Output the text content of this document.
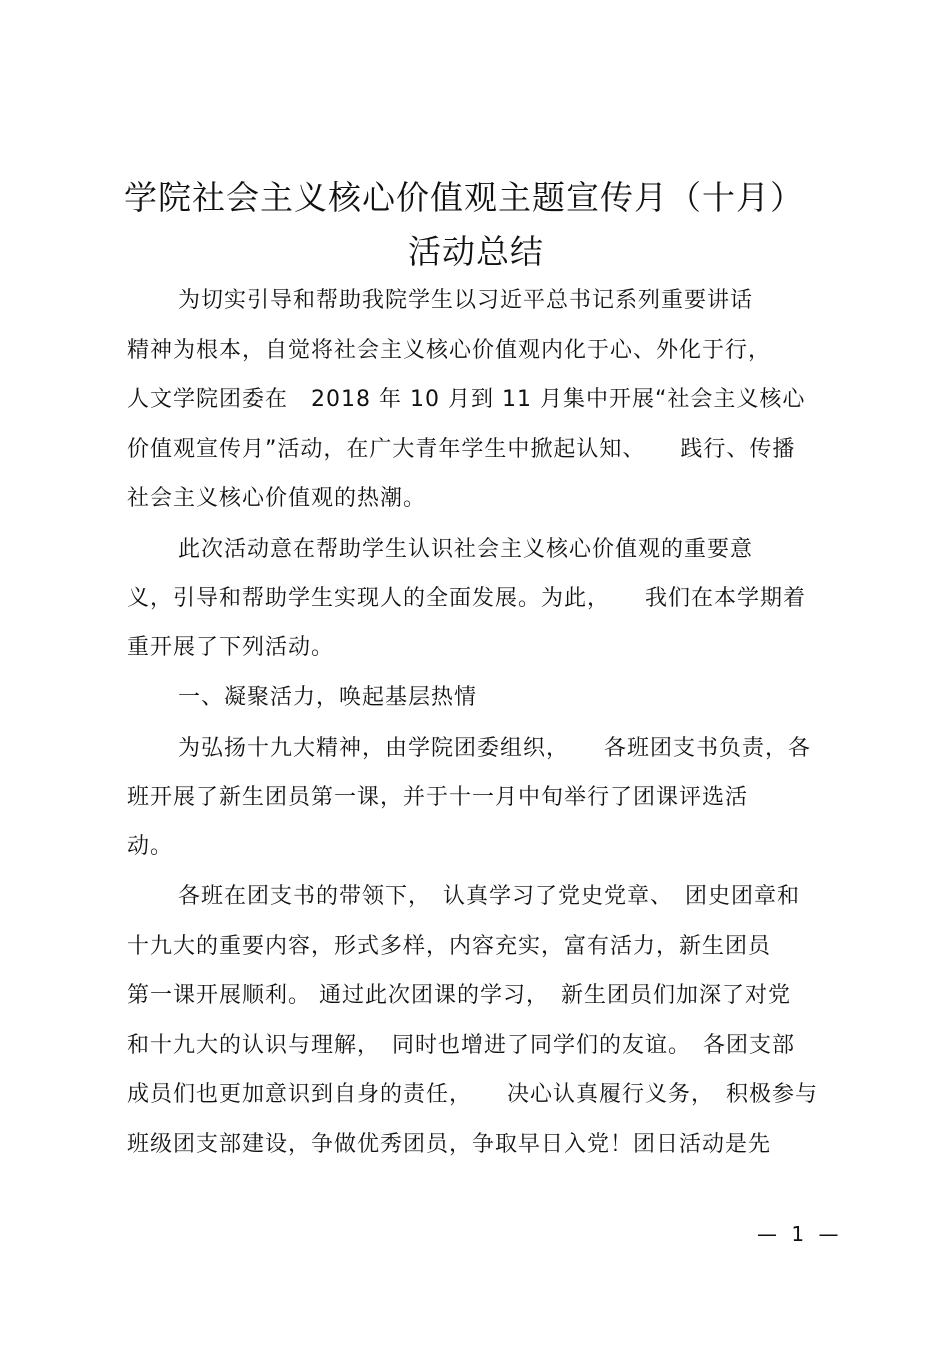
学院社会主义核心价值观主题宣传月（十月）
活动总结
为切实引导和帮助我院学生以习近平总书记系列重要讲话
精神为根本，自觉将社会主义核心价值观内化于心、外化于行，
人文学院团委在　2018 年 10 月到 11 月集中开展“社会主义核心
价值观宣传月”活动，在广大青年学生中掀起认知、　　践行、传播
社会主义核心价值观的热潮。
此次活动意在帮助学生认识社会主义核心价值观的重要意
义，引导和帮助学生实现人的全面发展。为此，　　我们在本学期着
重开展了下列活动。
一、凝聚活力，唤起基层热情
为弘扬十九大精神，由学院团委组织，　　各班团支书负责，各
班开展了新生团员第一课，并于十一月中旬举行了团课评选活
动。
各班在团支书的带领下，　认真学习了党史党章、　团史团章和
十九大的重要内容，形式多样，内容充实，富有活力，新生团员
第一课开展顺利。 通过此次团课的学习，　新生团员们加深了对党
和十九大的认识与理解，　同时也增进了同学们的友谊。　各团支部
成员们也更加意识到自身的责任，　　决心认真履行义务，　积极参与
班级团支部建设，争做优秀团员，争取早日入党！团日活动是先
— 1 —
